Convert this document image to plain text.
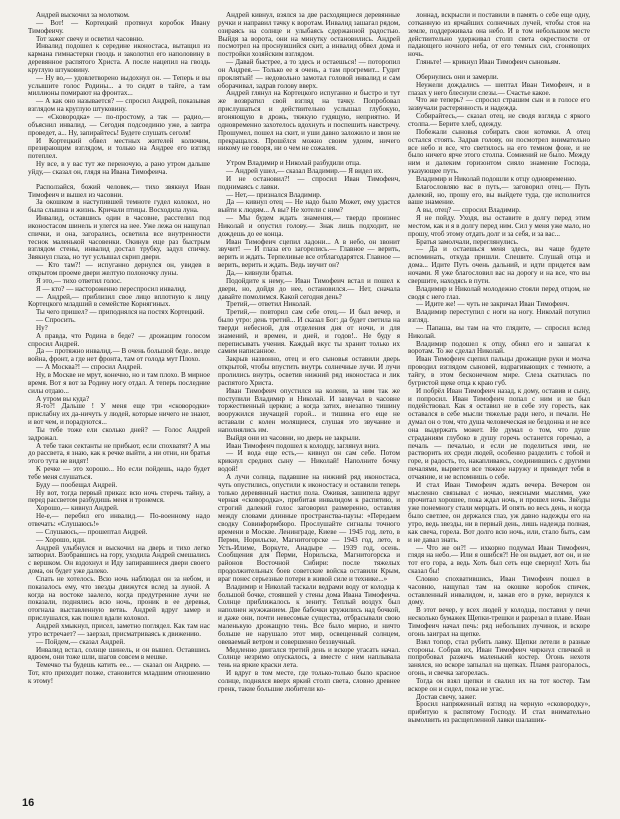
Андрей выскочил за молотком.

— Вот! — Кортецкий протянул коробок Ивану Тимофеичу.

Тот зажег свечу и осветил часовню.

Инвалид подошел к середине иконостаса, вытащил из кармана гимнастерки гвоздь и заколотил его наполовину в деревянное распятого Христа. А после нацепил на гвоздь круглую штуковину.

— Ну во,— удовлетворено выдохнул он. — Теперь и вы услышите голос Родины... а то сидят в тайге, а там миллионы помирают на фронтах...

— А как оно называется? — спросил Андрей, показывая взглядом на круглую штуковину.

— «Сковородка» — по-простому, а так — радио,— объяснил инвалид. — Сегодня подсоединю уже, а завтра проведет, а... Ну, запирайтесь! Будете слушать сеголя!

И Кортецкий обвел местных жителей колючим, презирающим взглядом, и только на Андрее его взгляд потеплел.

Ну все, в у вас тут же переночую, а рано утром дальше уйду,— сказал он, глядя на Ивана Тимофеича.

Расползайся, божий человек,— тихо звякнул Иван Тимофеич и вышел из часовни.

За окошком в наступившей темноте гудел колокол, но была слышна и жизнь. Кричали птицы. Восходила луна.

Инвалид, оставшись один в часовне, расстелил под иконостасом шинель и улегся на нее. Уже лежа он нащупал спички, и она, загорались, осветила все внутренности теснок маленькой часовенки. Окинув еще раз быстрым взглядом стены, инвалид достал трубку, задул спичку. Звякнул глаза, но тут услышал скрип двери.

— Кто там?! — испуганно дернулся он, увидев в открытом проеме двери желтую полоночку луны.

Я это,— тихо ответил голос.

Я — кто? — настороженно переспросил инвалид.

— Андрей,— приблизил свое лицо вплотную к лицу Кортецкого младший в семействе Корнягиных.

Ты чего пришел? — приподнялся на постях Кортецкий.

— Спросить.

Ну?

А правда, что Родина в беде? — дрожащим голосом спросил Андрей.

Да — протяжно инвалид.— В очень большой беде.. везде война, фронт, а где нет фронта, там от голода мут Плохо.

— А Москва?! — спросил Андрей.

Ну, в Москве не мрут, конечно, но и там плохо. В мирное время. Вот я вот за Родину ногу отдал. А теперь последние силы отдаю...

А утром вы куда?

Я-то?! Дальше ! У меня еще три «сковородки» прислабну их да-ничуть у людей, которые ничего не знают, и вот чем, и порадуются...

Ты тебе тоже ели сколько дней? — Голос Андрей задрожал.

А тебе таки сектанты не прибьют, если спохватят? А мы до рассвета, я знаю, как к речке выйти, а ни отни, ни братья этого тута не видят!

К речке — это хорошо... Но если пойдешь, надо будет тебе меня слушаться.

Буду — пообещал Андрей.

Ну вот, тогда первый приказ: всю ночь стеречь тайну, а перед рассветом разбудишь меня и тронемся.

Хорошо,— кивнул Андрей.

Не-е,— перебил его инвалид.— По-военному надо отвечать: «Слушаюсь!»

— Слушаюсь,— прошептал Андрей.

— Хорошо, иди.

Андрей улыбнулся и выскочил на дверь и тихо легко затворил. Взобравшись на гору, уходила Андрей смешались с вершком. Он вздохнул и Иду запиравшиеся двери своего дома, он будет уже далеко.

Спать не хотелось. Всю ночь наблюдал он за небом, и показалось ему, что звезды движутся вслед за луной. А когда на востоке заалело, когда предутренние лучи не показали, поднялись всю ночь, проник в ее деревья, отогнала выставленную ветвь. Андрей вдруг замер и прислушался, как пошел вдали колокол.

Андрей хмыкнул, присел, заметно поглядел. Как там нас утро встречает? — заерзал, присматриваясь к движению.

— Пойдем,— сказал Андрей.

Инвалид встал, солнце шинель, и он вышел. Оставшись вдвоем, они тоже шли, шагов совсем в мешке.

Темечко ты будешь катить ее... — сказал он Андрею. — Тот, кто приходит позже, становится младшим отношению к этому!

Андрей кивнул, взялся за две расходящиеся деревянные ручки и направил тачку к воротам. Инвалид зашагал рядом, озираясь на солнце и улыбаясь сдержанной радостью. Выйдя за ворота, они на минутку остановились. Андрей посмотрел на проснувшийся скит, а инвалид обвел дома и постройки хозяйским взглядом.

— Давай быстрее, а то здесь и остаешься! — поторопил он Андрея.— Только ее я очень, а там прогремит... Гудит проклятый! — недовольно замотал головой инвалид и сам оборачивал, задрав голову вверх.

Андрей глянул на Кортецкого испуганно и быстро и тут же возвратил свой взгляд на тачку. Попробовал прислушаться и действительно услышал глубокую, вгоняющую в дрожь, тяжкую гудящую, неприятно. И одновременно захотелось вдохнуть и поспешить навстречу. Прошумел, пошел на скит, и уши давно заложило и звон не прекращался. Прошёлся можно своим удоим, ничего никому не говоря, ни о чем не сожалея.

Утром Владимир и Николай разбудили отца.

— Андрей ушел,— сказал Владимир.— Я видел их.

И не остановил?! — спросил Иван Тимофеич, поднимаясь с лавки.

— Нет,— признался Владимир.

Да — кивнул отец — Не надо было Может, ему удастся выйти к людям... А вы? Не хотели с ним?

— Мы будем ждать знамения,— твердо произнес Николай и опустил голову.— Знак лишь подходит, не дождешь до ее конца.

Иван Тимофеич сцепил ладони... А в небо, он звонит звучит! — И глаза его загорелись.— Главное — верить, верить и ждать. Терпеливые все отблагодарятся. Главное — верить, верить и ждать. Ведь звучит он?

Да,— кивнули братья.

Подойдите к нему,— Иван Тимофеич встал и пошел к двери, но, дойдя до нее, остановился.— Нет, сначала давайте помолимся. Какой сегодня день?

Третий,— ответил Николай.

Третий,— повторил сам себе отец.— И был вечер, и было утро: день третий... И сказал Бог: да будет светила на тверди небесной, для отделения дня от ночи, и для знамений, и времен, и дней, и годов!.. Не буду я переписывать учения. Каждый вкус ты хранит только их самим написанное.

Закрыв назвонно, отец и его сыновья оставили дверь открытой, чтобы впустить внутрь солнечные лучи. И лучи пролились внутрь, осветив нижний ряд иконостаса и лик распятого Христа.

Иван Тимофеич опустился на колени, за ним так же поступили Владимир и Николай. И зазвучал в часовне торжественный церкви; а когда затих, внезапно тишину вооружился звучащей горой... и тишина его еще не вставали с колен молящиеся, слушая это звучание и наполнялись им.

Выйдя они из часовни, но дверь не закрыли.

Иван Тимофеич подошел к колодцу, заглянул вниз.

— И вода еще есть,— кивнул он сам себе. Потом крикнул средних сыну — Николай! Наполните бочку водой!

А лучи солнца, падавшие на нижний ряд иконостаса, чуть опустились, опустили к иконостасу и оставили теперь только деревянный настил пола. Оживая, зашипела вдруг черная «сковородка», прибитая инвалидом к распятию, и строгий далекий голос заговорил размеренно, оставляя между словами длинные пространства-паузы: «Передаем сводку Совинформбюро. Прослушайте сигналы точного времени в Москве. Ленинграде, Киеве — 1945 год, лето, в Перми, Норильске, Магнитогорске — 1943 год, лето, в Усть-Илиме, Воркуте, Анадыре — 1939 год, осень. Сообщения для Перми, Норильска, Магнитогорска и районов Восточной Сибири: после тяжелых продолжительных боев советские войска оставили Крым, враг понес серьезные потери в живой силе и технике...»

Владимир и Николай таскали ведрами воду от колодца к большой бочке, стоявшей у стены дома Ивана Тимофеича. Солнце приближалось к зениту. Теплый воздух был наполнен жужжанием. Две бабочки кружились над бочкой, и даже они, почти невесомые существа, отбрасывали свою маленькую дрожащую тень. Все было мирно, и ничто больше не нарушало этот мир, освещенный солнцем, овеваемый ветром и совершенно беззвучный.

Медленно двигался третий день и вскоре угасать начал. Солнце незримо опускалось, а вместе с ним наплывала тень на яркие краски лета.

И вдруг в том месте, где только-только было красное солнце, поднялся вверх яркий столп света, словно древнее гренк, такие большие любители ко-

лоннад, вскрысли и поставили в память о себе еще одну, сотканную из ярчайших солнечных лучей, чтобы стоя на земле, поддерживала она небо. И в том небольшом месте действительно удерживал столп света окрестности от падающего ночного неба, от его темных сил, сгоняющих ночь.

Гляньте! — крикнул Иван Тимофеич сыновьям.

Обернулись они и замерли.

Неужели дождались — шептал Иван Тимофеич, и в глазах у него блеснули слезы.— Счастье какое.

Что же теперь? — спросил страшим сын и в голосе его зазвучали растерянность и надежда.

Собирайтесь,— сказал отец, не сводя взгляда с яркого столпа.— Берите хлеб, одежду.

Побежали сыновья собирать свои котомки. А отец остался стоять. Задрав голову, он посмотрел внимательно все небо и все, что светилось на его темном фоне, и не было ничего ярче этого столпа. Сомнений не было. Между ним и далеким горизонтом сияло знамение Господа, указующее путь.

Владимир и Николай подошли к отцу одновременно.

Благословляю вас в путь,— заговорил отец.— Путь далекий, но, прошу его, вы выйдете туда, где исполнится ваше знамение.

А вы, отец? — спросил Владимир.

Я не пойду. Уходя, вы оставите в долгу перед этим местом, как и я в долгу перед ним. Сил у меня уже мало, но прошу, чтоб этому отдать долг и за себя, и за вас...

Братья замолчали, переглянулись.

— Да и остаешься меня здесь, вы чаще будете вспоминать, откуда пришли. Спешите. Слушай отца и дома... Идите Путь очень дальний, и идти придется вам ночами. Я уже благословил вас на дорогу и на все, что вы свершите, находясь в пути.

Владимир и Николай молодежно стояли перед отцом, не сводя с него глаз.

— Идите же! — чуть не закричал Иван Тимофеич.

Владимир переступил с ноги на ногу. Николай потупил взгляд.

— Папаша, вы там на что глядите, — спросил вслед Николай.

Владимир подошел к отцу, обнял его и зашагал к воротам. То же сделал Николай.

Иван Тимофеич сцепил пальцы дрожащие руки и молча проводил взглядом сыновей, вздрагивающих с темноте, а тайгу, в этом бесконечном мире. Слеза скатилась по бугристой щеке отца к краю губ.

И побрёл Иван Тимофеич назад, к дому, оставив и сыну, и попросил. Иван Тимофеич попал с ним и не был подействовал. Как я оставил не в себе эту горесть, как оставался в себе мысли тяжелые ради него, и печали. Не думал он о том, что душа человеческая не бездонна и не все она выдержать может. Не думал о том, что душе страданиям глубоко в душу горечь останется горечью, а печаль — печалью, и если не поделиться ими, не растворить их среди людей, особенно разделить с тобой и горе, и радость, то, накапливаясь, соединившись с другими печалями, вырвется все тяжкое наружу и приведет тебя в отчаяние, и не вспомнишь о себе.

И стал Иван Тимофеич ждать вечера. Вечером он мысленно связывал с ночью, неясными мыслями, уже прочитал хорошее, пока ждал ночь, и прошел ночь. Звёзды уже понемногу стали мерцать. И опять во весь день, и когда было светлее, он держался глаз, уж давно надежды его на утро, ведь звезды, ни в первый день, лишь надежда полная, как свеча, горела. Вот долго всю ночь, или, стало быть, сам и не давал знать.

— Что же он?! — ихкорно подумал Иван Тимофеич, глядя на небо.— Или я ошибся?! Не он выдает, вот он, и не тот его гора, а ведь Хоть был сеть еще свернул! Хоть бы сказал бы!

Словно спохватившись, Иван Тимофеич пошел в часовню, нащупал там на окошке коробок спичек, оставленный инвалидом, и, зажав его в руке, вернулся к дому.

В этот вечер, у всех людей у колодца, поставил у печи несколько бумажек Щепки-трешки и разрезал в плаве. Иван Тимофеич начал печь: ряд небольших лучинок, и вскоре огонь заиграл на щепке.

Взял топор, стал рубить лавку. Щепки летели в разные стороны. Собрав их, Иван Тимофеич чиркнул спичкой и попробовал разжечь маленький костер. Огонь нехотя занялся, но вскоре запылал на щепках. Пламя разгоралось, огонь, и свечка загорелась.

Тогда он взял щепки и свалил их на тот костер. Там вскоре он и сидел, пока не угас.

Достав свечу, зажег.

Бросил напряженный взгляд на черную «сковородку», прибитую к распятому Господу. И стал внимательно вымолвить из расщепленной лавки шалашик-

16
